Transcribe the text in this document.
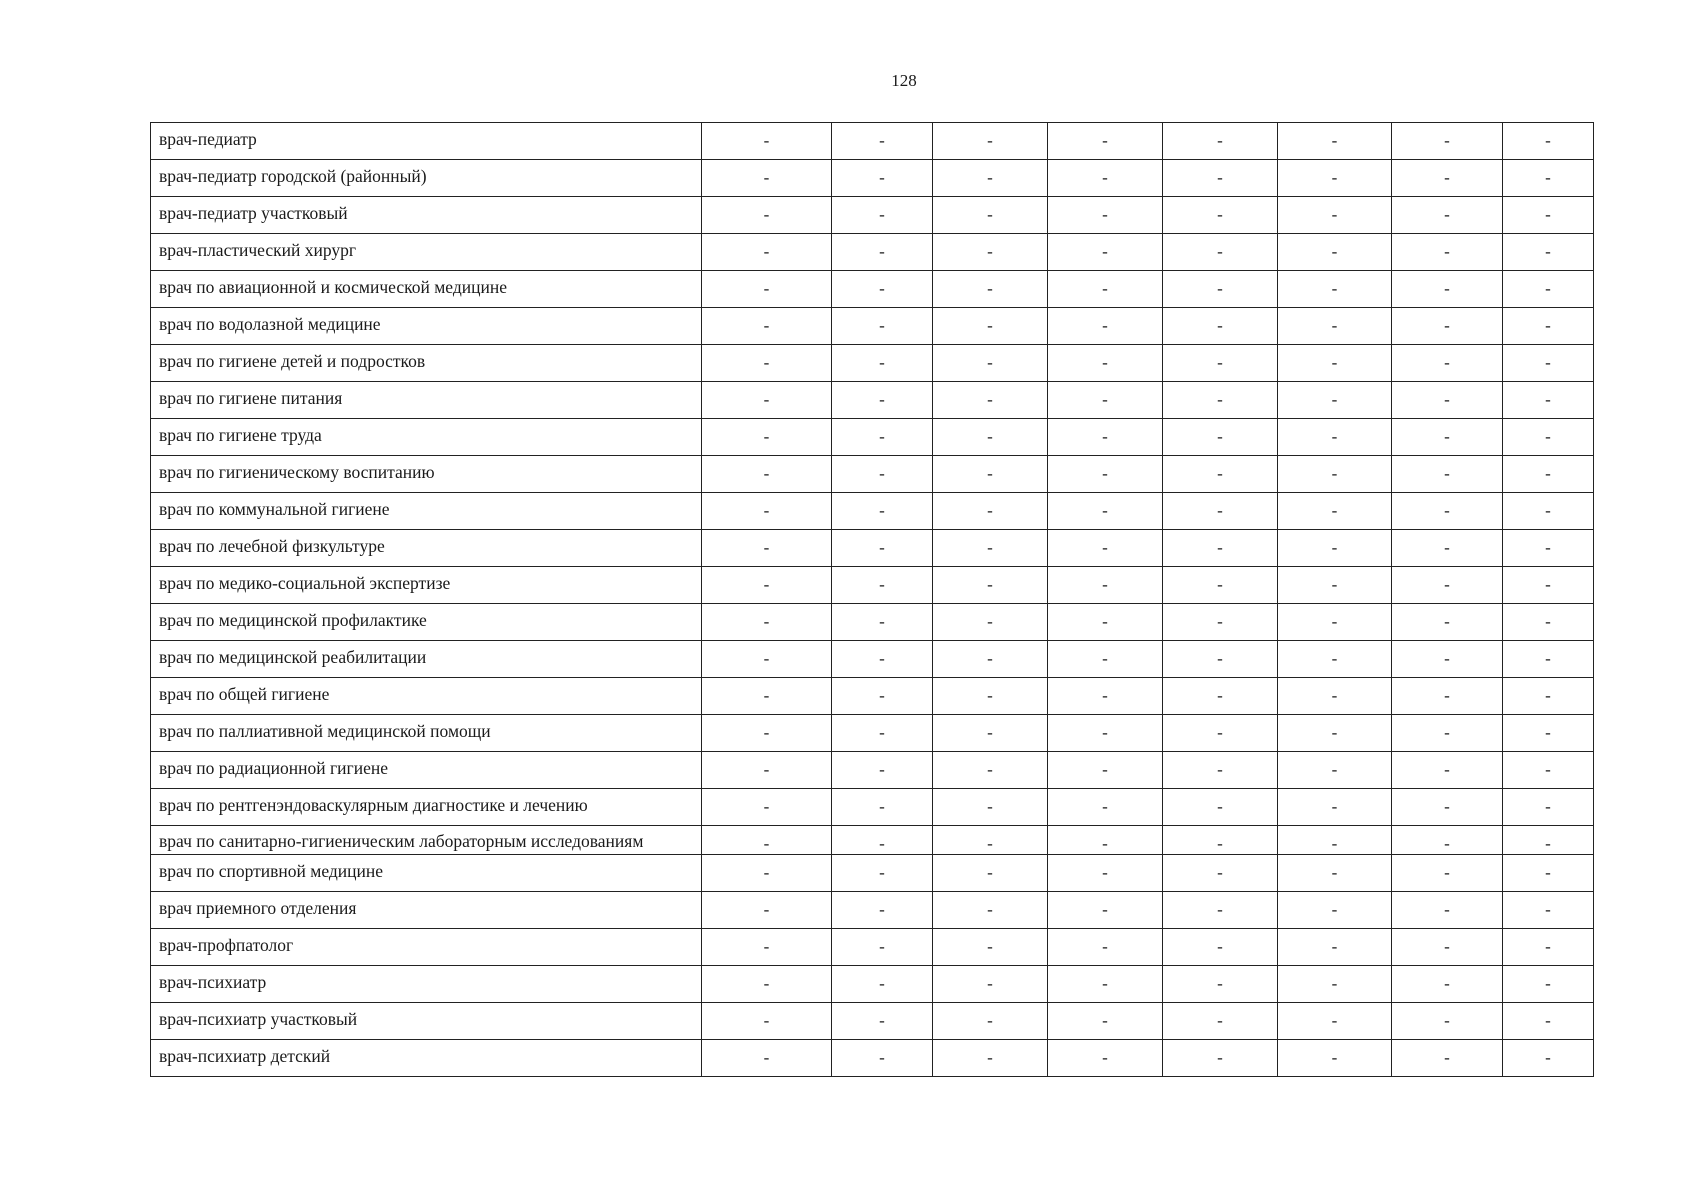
128
врач-педиатр	-	-	-	-	-	-	-	-
врач-педиатр городской (районный)	-	-	-	-	-	-	-	-
врач-педиатр участковый	-	-	-	-	-	-	-	-
врач-пластический хирург	-	-	-	-	-	-	-	-
врач по авиационной и космической медицине	-	-	-	-	-	-	-	-
врач по водолазной медицине	-	-	-	-	-	-	-	-
врач по гигиене детей и подростков	-	-	-	-	-	-	-	-
врач по гигиене питания	-	-	-	-	-	-	-	-
врач по гигиене труда	-	-	-	-	-	-	-	-
врач по гигиеническому воспитанию	-	-	-	-	-	-	-	-
врач по коммунальной гигиене	-	-	-	-	-	-	-	-
врач по лечебной физкультуре	-	-	-	-	-	-	-	-
врач по медико-социальной экспертизе	-	-	-	-	-	-	-	-
врач по медицинской профилактике	-	-	-	-	-	-	-	-
врач по медицинской реабилитации	-	-	-	-	-	-	-	-
врач по общей гигиене	-	-	-	-	-	-	-	-
врач по паллиативной медицинской помощи	-	-	-	-	-	-	-	-
врач по радиационной гигиене	-	-	-	-	-	-	-	-
врач по рентгенэндоваскулярным диагностике и лечению	-	-	-	-	-	-	-	-
врач по санитарно-гигиеническим лабораторным исследованиям	-	-	-	-	-	-	-	-
врач по спортивной медицине	-	-	-	-	-	-	-	-
врач приемного отделения	-	-	-	-	-	-	-	-
врач-профпатолог	-	-	-	-	-	-	-	-
врач-психиатр	-	-	-	-	-	-	-	-
врач-психиатр участковый	-	-	-	-	-	-	-	-
врач-психиатр детский	-	-	-	-	-	-	-	-
